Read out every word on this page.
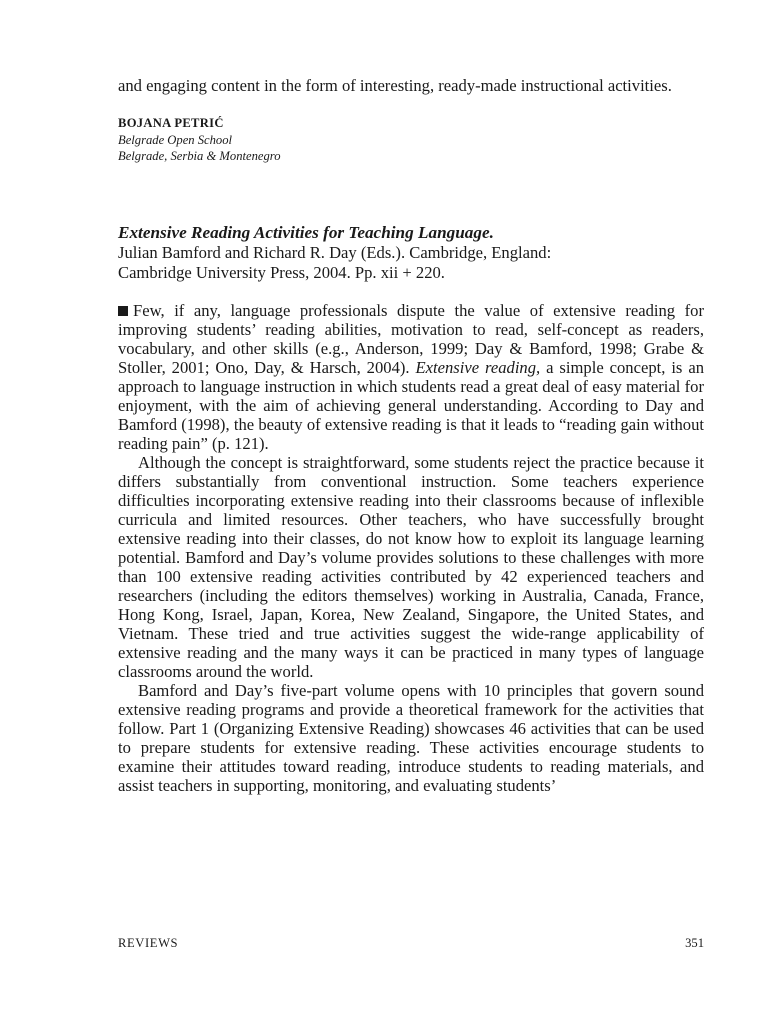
and engaging content in the form of interesting, ready-made instructional activities.

BOJANA PETRIĆ
Belgrade Open School
Belgrade, Serbia & Montenegro
Extensive Reading Activities for Teaching Language.
Julian Bamford and Richard R. Day (Eds.). Cambridge, England:
Cambridge University Press, 2004. Pp. xii + 220.

Few, if any, language professionals dispute the value of extensive reading for improving students’ reading abilities, motivation to read, self-concept as readers, vocabulary, and other skills (e.g., Anderson, 1999; Day & Bamford, 1998; Grabe & Stoller, 2001; Ono, Day, & Harsch, 2004). Extensive reading, a simple concept, is an approach to language instruction in which students read a great deal of easy material for enjoyment, with the aim of achieving general understanding. According to Day and Bamford (1998), the beauty of extensive reading is that it leads to “reading gain without reading pain” (p. 121).

Although the concept is straightforward, some students reject the practice because it differs substantially from conventional instruction. Some teachers experience difficulties incorporating extensive reading into their classrooms because of inflexible curricula and limited resources. Other teachers, who have successfully brought extensive reading into their classes, do not know how to exploit its language learning potential. Bamford and Day’s volume provides solutions to these challenges with more than 100 extensive reading activities contributed by 42 experienced teachers and researchers (including the editors themselves) working in Australia, Canada, France, Hong Kong, Israel, Japan, Korea, New Zealand, Singapore, the United States, and Vietnam. These tried and true activities suggest the wide-range applicability of extensive reading and the many ways it can be practiced in many types of language classrooms around the world.

Bamford and Day’s five-part volume opens with 10 principles that govern sound extensive reading programs and provide a theoretical framework for the activities that follow. Part 1 (Organizing Extensive Reading) showcases 46 activities that can be used to prepare students for extensive reading. These activities encourage students to examine their attitudes toward reading, introduce students to reading materials, and assist teachers in supporting, monitoring, and evaluating students’

REVIEWS	351
